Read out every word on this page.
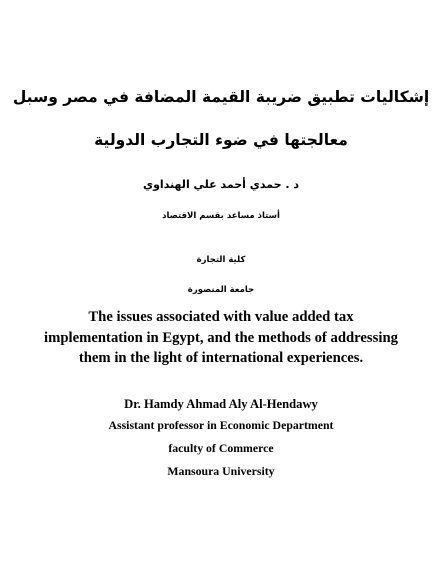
إشكاليات تطبيق ضريبة القيمة المضافة في مصر وسبل
معالجتها في ضوء التجارب الدولية
د . حمدي أحمد علي الهنداوي
أستاذ مساعد بقسم الاقتصاد
كلية التجارة
جامعة المنصورة
The issues associated with value added tax implementation in Egypt, and the methods of addressing them in the light of international experiences.
Dr. Hamdy Ahmad Aly Al-Hendawy
Assistant professor in Economic Department
faculty of Commerce
Mansoura University
